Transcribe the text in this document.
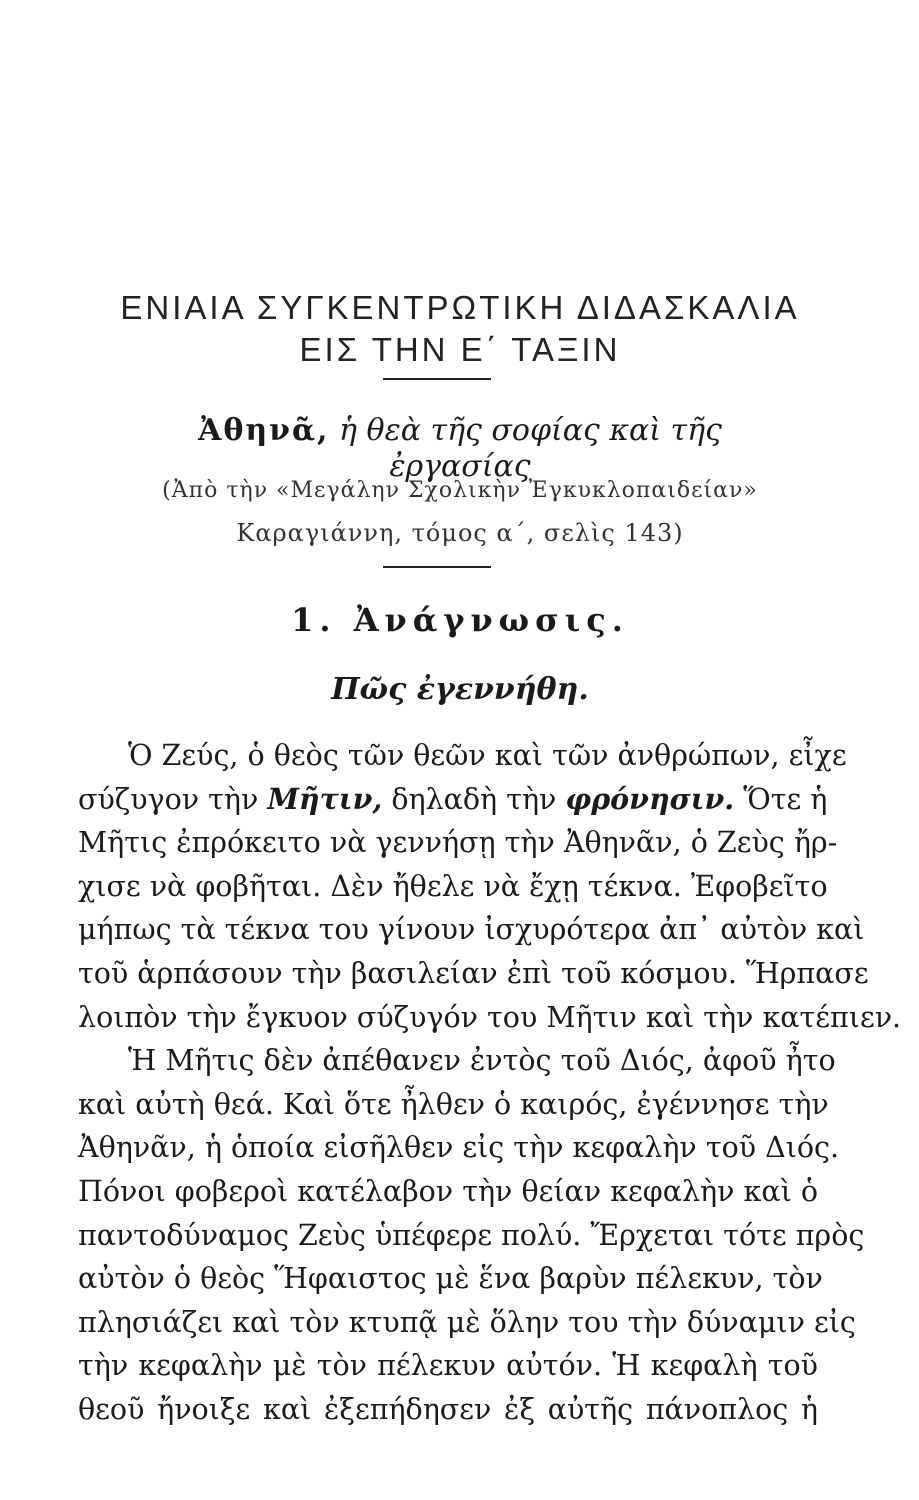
ΕΝΙΑΙΑ ΣΥΓΚΕΝΤΡΩΤΙΚΗ ΔΙΔΑΣΚΑΛΙΑ
ΕΙΣ ΤΗΝ Ε΄ ΤΑΞΙΝ
Ἀθηνᾶ, ἡ θεὰ τῆς σοφίας καὶ τῆς ἐργασίας
(Ἀπὸ τὴν «Μεγάλην Σχολικὴν Ἐγκυκλοπαιδείαν»
Καραγιάννη, τόμος α΄, σελὶς 143)
1. Ἀνάγνωσις.
Πῶς ἐγεννήθη.
Ὁ Ζεύς, ὁ θεὸς τῶν θεῶν καὶ τῶν ἀνθρώπων, εἶχε
σύζυγον τὴν Μῆτιν, δηλαδὴ τὴν φρόνησιν. Ὅτε ἡ
Μῆτις ἐπρόκειτο νὰ γεννήσῃ τὴν Ἀθηνᾶν, ὁ Ζεὺς ἤρ-
χισε νὰ φοβῆται. Δὲν ἤθελε νὰ ἔχῃ τέκνα. Ἐφοβεῖτο
μήπως τὰ τέκνα του γίνουν ἰσχυρότερα ἀπ᾿ αὐτὸν καὶ
τοῦ ἁρπάσουν τὴν βασιλείαν ἐπὶ τοῦ κόσμου. Ἥρπασε
λοιπὸν τὴν ἔγκυον σύζυγόν του Μῆτιν καὶ τὴν κατέπιεν.
Ἡ Μῆτις δὲν ἀπέθανεν ἐντὸς τοῦ Διός, ἀφοῦ ἦτο
καὶ αὐτὴ θεά. Καὶ ὅτε ἦλθεν ὁ καιρός, ἐγέννησε τὴν
Ἀθηνᾶν, ἡ ὁποία εἰσῆλθεν εἰς τὴν κεφαλὴν τοῦ Διός.
Πόνοι φοβεροὶ κατέλαβον τὴν θείαν κεφαλὴν καὶ ὁ
παντοδύναμος Ζεὺς ὑπέφερε πολύ. Ἔρχεται τότε πρὸς
αὐτὸν ὁ θεὸς Ἥφαιστος μὲ ἕνα βαρὺν πέλεκυν, τὸν
πλησιάζει καὶ τὸν κτυπᾷ μὲ ὅλην του τὴν δύναμιν εἰς
τὴν κεφαλὴν μὲ τὸν πέλεκυν αὐτόν. Ἡ κεφαλὴ τοῦ
θεοῦ ἤνοιξε καὶ ἐξεπήδησεν ἐξ αὐτῆς πάνοπλος ἡ
